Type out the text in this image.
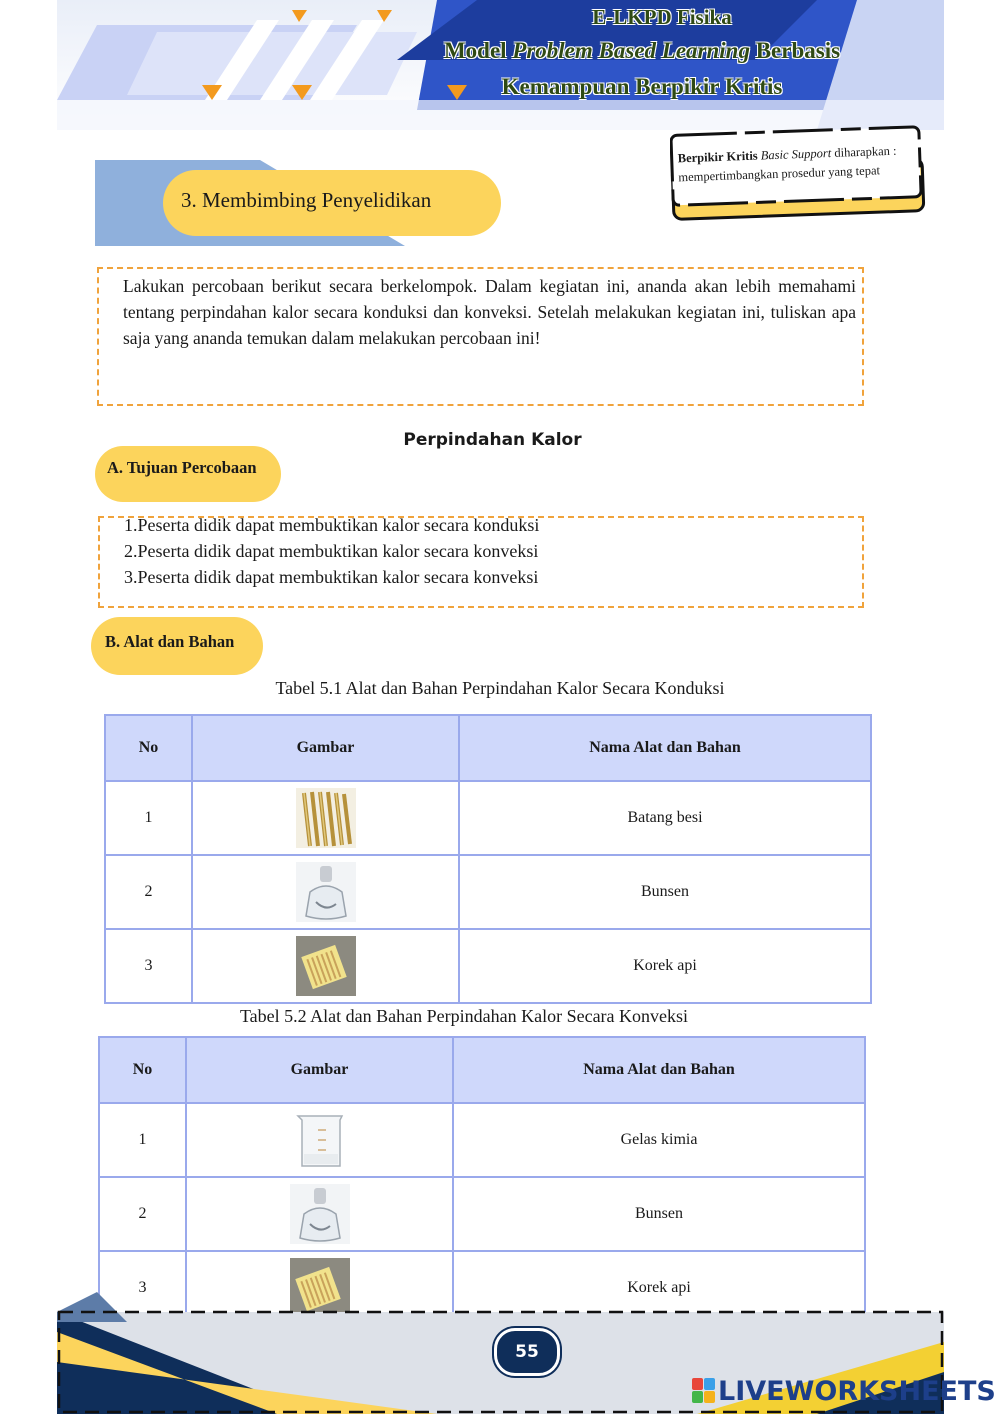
E-LKPD Fisika
Model Problem Based Learning Berbasis
Kemampuan Berpikir Kritis
Berpikir Kritis Basic Support diharapkan :
mempertimbangkan prosedur yang tepat
3. Membimbing Penyelidikan

Lakukan percobaan berikut secara berkelompok. Dalam kegiatan ini, ananda akan lebih memahami tentang perpindahan kalor secara konduksi dan konveksi. Setelah melakukan kegiatan ini, tuliskan apa saja yang ananda temukan dalam melakukan percobaan ini!

Perpindahan Kalor
A. Tujuan Percobaan
1.Peserta didik dapat membuktikan kalor secara konduksi
2.Peserta didik dapat membuktikan kalor secara konveksi
3.Peserta didik dapat membuktikan kalor secara konveksi
B. Alat dan Bahan
Tabel 5.1 Alat dan Bahan Perpindahan Kalor Secara Konduksi
No	Gambar	Nama Alat dan Bahan
1		Batang besi
2		Bunsen
3		Korek api
Tabel 5.2 Alat dan Bahan Perpindahan Kalor Secara Konveksi
No	Gambar	Nama Alat dan Bahan
1		Gelas kimia
2		Bunsen
3		Korek api
55
LIVEWORKSHEETS
